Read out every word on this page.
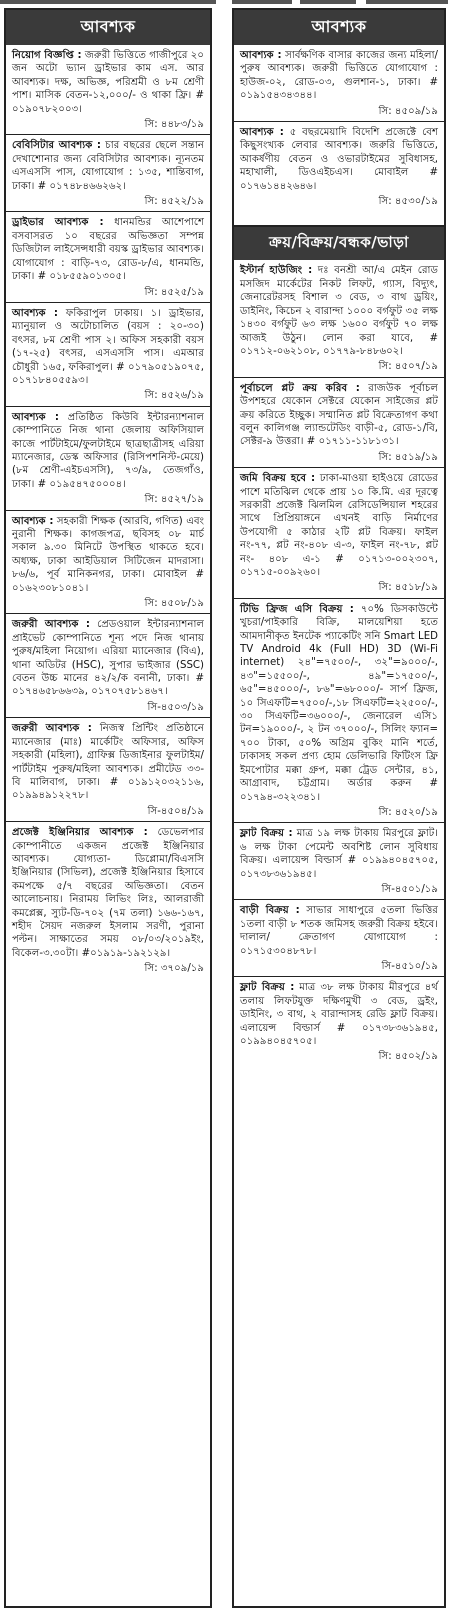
আবশ্যক
নিয়োগ বিজ্ঞপ্তি : জরুরী ভিত্তিতে গাজীপুরে ২০ জন অটো ভ্যান ড্রাইভার কাম এস. আর আবশ্যক। দক্ষ, অভিজ্ঞ, পরিশ্রমী ও ৮ম শ্রেণী পাশ। মাসিক বেতন-১২,০০০/- ও থাকা ফ্রি। # ০১৯০৭৮২০০৩।
সি: ৪৪৮৩/১৯
বেবিসিটার আবশ্যক : চার বছরের ছেলে সন্তান দেখাশোনার জন্য বেবিসিটার আবশ্যক। ন্যূনতম এসএসসি পাস, যোগাযোগ : ১৩৫, শান্তিবাগ, ঢাকা। # ০১৭৪৮৪৬৬২৬২।
সি: ৪৫২২/১৯
ড্রাইভার আবশ্যক : ধানমন্ডির আশেপাশে বসবাসরত ১০ বছরের অভিজ্ঞতা সম্পন্ন ডিজিটাল লাইসেন্সধারী বয়স্ক ড্রাইভার আবশ্যক। যোগাযোগ : বাড়ি-৭৩, রোড-৮/এ, ধানমন্ডি, ঢাকা। # ০১৮৫৫৯০১৩০৫।
সি: ৪৫২৫/১৯
আবশ্যক : ফকিরাপুল ঢাকায়। ১। ড্রাইভার, ম্যানুয়াল ও অটোচালিত (বয়স : ২০-৩০) বৎসর, ৮ম শ্রেণী পাস ২। অফিস সহকারী বয়স (১৭-২৫) বৎসর, এসএসসি পাস। এমআর চৌধুরী ১৬৫, ফকিরাপুল। # ০১৭৯০৫১৯০৭৫, ০১৭১৮৪০৫৫৯৩।
সি: ৪৫২৬/১৯
আবশ্যক : প্রতিষ্ঠিত কিউবি ইন্টারন্যাশনাল কোম্পানিতে নিজ থানা জেলায় অফিসিয়াল কাজে পার্টটাইমে/ফুলটাইমে ছাত্রছাত্রীসহ এরিয়া ম্যানেজার, ডেস্ক অফিসার (রিসিপশনিস্ট-মেয়ে) (৮ম শ্রেণী-এইচএসসি), ৭৩/৯, তেজগাঁও, ঢাকা। # ০১৯৫৪৭৫০০০৪।
সি: ৪৫২৭/১৯
আবশ্যক : সহকারী শিক্ষক (আরবি, গণিত) এবং নুরানী শিক্ষক। কাগজপত্র, ছবিসহ ০৮ মার্চ সকাল ৯.৩০ মিনিটে উপস্থিত থাকতে হবে। অধ্যক্ষ, ঢাকা আইডিয়াল সিটিজেন মাদরাসা। ৮৬/৬, পূর্ব মানিকনগর, ঢাকা। মোবাইল # ০১৬২৩০৮১০৪১।
সি: ৪৫০৮/১৯
জরুরী আবশ্যক : প্রেডওয়াল ইন্টারন্যাশনাল প্রাইভেট কোম্পানিতে শূন্য পদে নিজ থানায় পুরুষ/মহিলা নিয়োগ। এরিয়া ম্যানেজার (বিএ), থানা অডিটর (HSC), সুপার ভাইজার (SSC) বেতন উচ্চ মানের ৪২/২/ক বনানী, ঢাকা। # ০১৭৪৬৫৮৬৬৩৯, ০১৭০৭৫৮১৪৬৭।
সি-৪৫০৩/১৯
জরুরী আবশ্যক : নিজস্ব প্রিন্টিং প্রতিষ্ঠানে ম্যানেজার (মাঃ) মার্কেটিং অফিসার, অফিস সহকারী (মহিলা), গ্রাফিক্স ডিজাইনার ফুলটাইম/ পার্টটাইম পুরুষ/মহিলা আবশ্যক। প্রমীটেড ৩৩-বি মালিবাগ, ঢাকা। # ০১৯১২০৩২১১৬, ০১৯৯৪৯১২২৭৮।
সি-৪৫০৪/১৯
প্রজেক্ট ইঞ্জিনিয়ার আবশ্যক : ডেভেলপার কোম্পানীতে একজন প্রজেক্ট ইঞ্জিনিয়ার আবশ্যক। যোগ্যতা- ডিপ্লোমা/বিএসসি ইঞ্জিনিয়ার (সিভিল), প্রজেক্ট ইঞ্জিনিয়ার হিসাবে কমপক্ষে ৫/৭ বছরের অভিজ্ঞতা। বেতন আলোচনায়। নিরাময় লিভিং লিঃ, আলরাজী কমপ্লেক্স, স্যুট-ডি-৭০২ (৭ম তলা) ১৬৬-১৬৭, শহীদ সৈয়দ নজরুল ইসলাম সরণী, পুরানা পল্টন। সাক্ষাতের সময় ০৮/০৩/২০১৯ইং, বিকেল-৩.৩০টা। #০১৯১৯-১৯২১২৯।
সি: ৩৭০৯/১৯
আবশ্যক
আবশ্যক : সার্বক্ষণিক বাসার কাজের জন্য মহিলা/পুরুষ আবশ্যক। জরুরী ভিত্তিতে যোগাযোগ : হাউজ-০২, রোড-০৩, গুলশান-১, ঢাকা। # ০১৯১৫৪৩৪৩৪৪।
সি: ৪৫০৯/১৯
আবশ্যক : ৫ বছরমেয়াদি বিদেশি প্রজেক্টে বেশ কিছুসংখ্যক লেবার আবশ্যক। জরুরি ভিত্তিতে, আকর্ষণীয় বেতন ও ওভারটাইমের সুবিধাসহ, মহাখালী, ডিওএইচএস। মোবাইল # ০১৭৬১৪৪২৬৪৬।
সি: ৪৫৩০/১৯
ক্রয়/বিক্রয়/বন্ধক/ভাড়া
ইস্টার্ন হাউজিং : দঃ বনশ্রী আ/এ মেইন রোড মসজিদ মার্কেটের নিকট লিফট, গ্যাস, বিদ্যুৎ, জেনারেটরসহ বিশাল ৩ বেড, ৩ বাথ ড্রয়িং, ডাইনিং, কিচেন ২ বারান্দা ১০০০ বর্গফুট ৩৫ লক্ষ ১৪৩০ বর্গফুট ৬৩ লক্ষ ১৬০০ বর্গফুট ৭০ লক্ষ আজই উঠুন। লোন করা যাবে, # ০১৭১২-০৬২১০৮, ০১৭৭৯-৮৪৮৬০২।
সি: ৪৫০৭/১৯
পূর্বাচলে প্লট ক্রয় করিব : রাজউক পূর্বাচল উপশহরে যেকোন সেক্টরে যেকোন সাইজের প্লট ক্রয় করিতে ইচ্ছুক। সম্মানিত প্লট বিক্রেতাগণ কথা বলুন কালিগঞ্জ ল্যান্ডটেডিং বাড়ী-৫, রোড-১/বি, সেক্টর-৯ উত্তরা। # ০১৭১১-১১৮১৩১।
সি: ৪৫১৯/১৯
জমি বিক্রয় হবে : ঢাকা-মাওয়া হাইওয়ে রোডের পাশে মতিঝিল থেকে প্রায় ১০ কি.মি. এর দূরত্বে সরকারী প্রজেক্ট ঝিলমিল রেসিডেন্সিয়াল শহরের সাথে প্রিপ্রিয়াঙ্গনে এখনই বাড়ি নির্মাণের উপযোগী ৫ কাঠার ২টি প্লট বিক্রয়। ফাইল নং-৭৭, প্লট নং-৪০৮ এ-৩, ফাইল নং-৭৮, প্লট নং- ৪০৮ এ-১ # ০১৭১৩-০০২৩০৭, ০১৭১৫-০০৯২৬০।
সি: ৪৫১৮/১৯
টিভি ফ্রিজ এসি বিক্রয় : ৭০% ডিসকাউন্টে খুচরা/পাইকারি বিক্রি, মালয়েশিয়া হতে আমদানীকৃত ইনটেক প্যাকেটিং সনি Smart LED TV Android 4k (Full HD) 3D (Wi-Fi internet) ২৪"=৭৫০০/-, ৩২"=৯০০০/-, ৪৩"=১৫৫০০/-, ৪৯"=১৭৫০০/-, ৬৫"=৪৫০০০/-, ৮৬"=৬৮০০০/- সার্প ফ্রিজ, ১০ সিএফটি=৭৫০০/-,১৮ সিএফটি=২২৫০০/-, ৩০ সিএফটি=৩৬০০০/-, জেনারেল এসি১ টন=১৯০০০/-, ২ টন ৩৭০০০/-, সিলিং ফ্যান= ৭০০ টাকা, ৫০% অগ্রিম বুকিং মানি শর্তে, ঢাকাসহ সকল প্রণ্য হোম ডেলিভারি ফিটিংস ফ্রি ইমপোটার মক্কা গ্রুপ, মক্কা ট্রেড সেন্টার, ৪১, আগ্রাবাদ, চট্টগ্রাম। অর্ডার করুন # ০১৭৯৪-৩২২৩৪১।
সি: ৪৫২০/১৯
ফ্লাট বিক্রয় : মাত্র ১৯ লক্ষ টাকায় মিরপুরে ফ্লাট। ৬ লক্ষ টাকা পেমেন্ট অবশিষ্ট লোন সুবিধায় বিক্রয়। এলায়েন্স বিল্ডার্স # ০১৯৯৪০৪৫৭০৫, ০১৭৩৮৩৬১৯৪৫।
সি-৪৫০১/১৯
বাড়ী বিক্রয় : সাভার সাধাপুরে ৫তলা ভিত্তির ১তলা বাড়ী ৮ শতক জমিসহ জরুরী বিক্রয় হইবে। দালাল/ ক্রেতাগণ যোগাযোগ : ০১৭১৫৩০৪৮৭৮।
সি-৪৫১০/১৯
ফ্লাট বিক্রয় : মাত্র ৩৮ লক্ষ টাকায় মীরপুরে ৪র্থ তলায় লিফটযুক্ত দক্ষিণমুখী ৩ বেড, ড্রইং, ডাইনিং, ৩ বাথ, ২ বারান্দাসহ রেডি ফ্লাট বিক্রয়। এলায়েন্স বিল্ডার্স # ০১৭৩৮৩৬১৯৪৫, ০১৯৯৪০৪৫৭০৫।
সি: ৪৫০২/১৯
